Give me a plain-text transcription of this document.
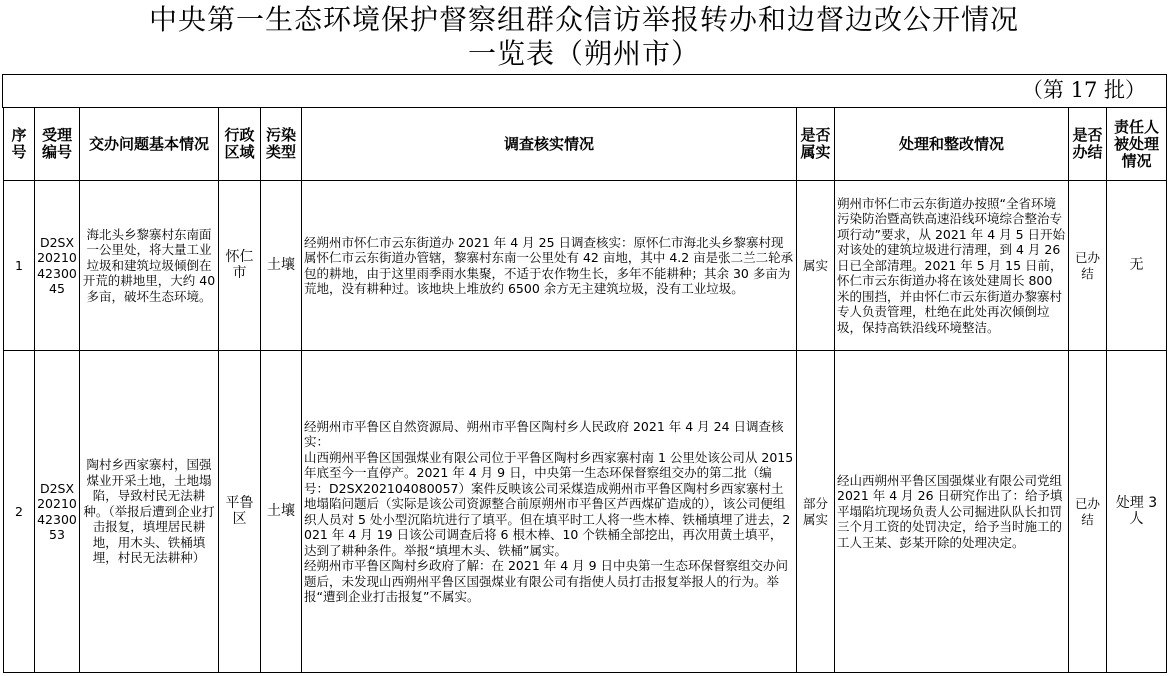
中央第一生态环境保护督察组群众信访举报转办和边督边改公开情况
一览表（朔州市）
（第 17 批）
序号	受理编号	交办问题基本情况	行政区域	污染类型	调查核实情况	是否属实	处理和整改情况	是否办结	责任人被处理情况
1	D2SX202104230045	海北头乡黎寨村东南面一公里处，将大量工业垃圾和建筑垃圾倾倒在开荒的耕地里，大约 40 多亩，破坏生态环境。	怀仁市	土壤	经朔州市怀仁市云东街道办 2021 年 4 月 25 日调查核实：原怀仁市海北头乡黎寨村现属怀仁市云东街道办管辖，黎寨村东南一公里处有 42 亩地，其中 4.2 亩是张二兰二轮承包的耕地，由于这里雨季雨水集聚，不适于农作物生长，多年不能耕种；其余 30 多亩为荒地，没有耕种过。该地块上堆放约 6500 余方无主建筑垃圾，没有工业垃圾。	属实	朔州市怀仁市云东街道办按照“全省环境污染防治暨高铁高速沿线环境综合整治专项行动”要求，从 2021 年 4 月 5 日开始对该处的建筑垃圾进行清理，到 4 月 26 日已全部清理。2021 年 5 月 15 日前，怀仁市云东街道办将在该处建周长 800 米的围挡，并由怀仁市云东街道办黎寨村专人负责管理，杜绝在此处再次倾倒垃圾，保持高铁沿线环境整洁。	已办结	无
2	D2SX202104230053	陶村乡西家寨村，国强煤业开采土地，土地塌陷，导致村民无法耕种。（举报后遭到企业打击报复，填埋居民耕地，用木头、铁桶填埋，村民无法耕种）	平鲁区	土壤	经朔州市平鲁区自然资源局、朔州市平鲁区陶村乡人民政府 2021 年 4 月 24 日调查核实：
山西朔州平鲁区国强煤业有限公司位于平鲁区陶村乡西家寨村南 1 公里处该公司从 2015 年底至今一直停产。2021 年 4 月 9 日，中央第一生态环保督察组交办的第二批（编号：D2SX202104080057）案件反映该公司采煤造成朔州市平鲁区陶村乡西家寨村土地塌陷问题后（实际是该公司资源整合前原朔州市平鲁区芦西煤矿造成的），该公司便组织人员对 5 处小型沉陷坑进行了填平。但在填平时工人将一些木棒、铁桶填埋了进去，2021 年 4 月 19 日该公司调查后将 6 根木棒、10 个铁桶全部挖出，再次用黄土填平，达到了耕种条件。举报“填埋木头、铁桶”属实。
经朔州市平鲁区陶村乡政府了解：在 2021 年 4 月 9 日中央第一生态环保督察组交办问题后，未发现山西朔州平鲁区国强煤业有限公司有指使人员打击报复举报人的行为。举报“遭到企业打击报复”不属实。	部分属实	经山西朔州平鲁区国强煤业有限公司党组 2021 年 4 月 26 日研究作出了：给予填平塌陷坑现场负责人公司掘进队队长扣罚三个月工资的处罚决定，给予当时施工的工人王某、彭某开除的处理决定。	已办结	处理 3 人
